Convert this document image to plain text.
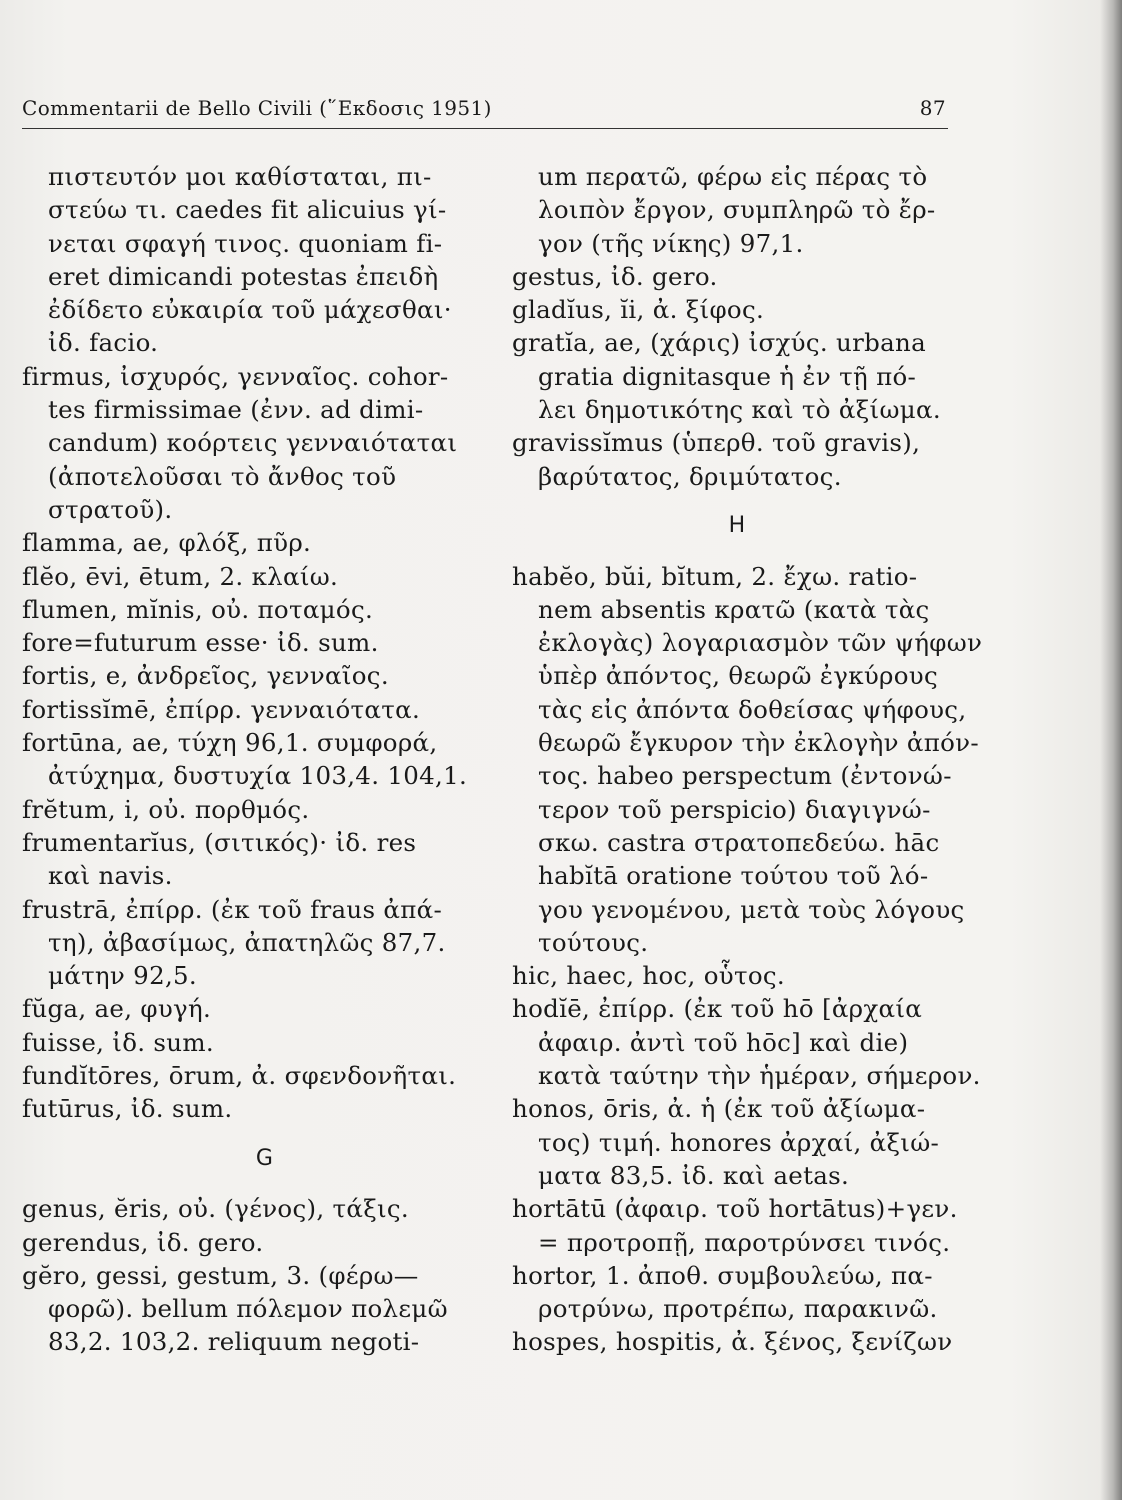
Commentarii de Bello Civili (῞Εκδοσις 1951)	87
πιστευτόν μοι καθίσταται, πι-
στεύω τι. caedes fit alicuius γί-
νεται σφαγή τινος. quoniam fi-
eret dimicandi potestas ἐπειδὴ
ἐδίδετο εὐκαιρία τοῦ μάχεσθαι·
ἰδ. facio.
firmus, ἰσχυρός, γενναῖος. cohor-
tes firmissimae (ἐνν. ad dimi-
candum) κοόρτεις γενναιόταται
(ἀποτελοῦσαι τὸ ἄνθος τοῦ
στρατοῦ).
flamma, ae, φλόξ, πῦρ.
flĕo, ēvi, ētum, 2. κλαίω.
flumen, mĭnis, οὐ. ποταμός.
fore=futurum esse· ἰδ. sum.
fortis, e, ἀνδρεῖος, γενναῖος.
fortissĭmē, ἐπίρρ. γενναιότατα.
fortūna, ae, τύχη 96,1. συμφορά,
ἀτύχημα, δυστυχία 103,4. 104,1.
frĕtum, i, οὐ. πορθμός.
frumentarĭus, (σιτικός)· ἰδ. res
καὶ navis.
frustrā, ἐπίρρ. (ἐκ τοῦ fraus ἀπά-
τη), ἀβασίμως, ἀπατηλῶς 87,7.
μάτην 92,5.
fŭga, ae, φυγή.
fuisse, ἰδ. sum.
fundĭtōres, ōrum, ἀ. σφενδονῆται.
futūrus, ἰδ. sum.
G
genus, ĕris, οὐ. (γένος), τάξις.
gerendus, ἰδ. gero.
gĕro, gessi, gestum, 3. (φέρω—
φορῶ). bellum πόλεμον πολεμῶ
83,2. 103,2. reliquum negoti-
um περατῶ, φέρω εἰς πέρας τὸ
λοιπὸν ἔργον, συμπληρῶ τὸ ἔρ-
γον (τῆς νίκης) 97,1.
gestus, ἰδ. gero.
gladĭus, ĭi, ἀ. ξίφος.
gratĭa, ae, (χάρις) ἰσχύς. urbana
gratia dignitasque ἡ ἐν τῇ πό-
λει δημοτικότης καὶ τὸ ἀξίωμα.
gravissĭmus (ὑπερθ. τοῦ gravis),
βαρύτατος, δριμύτατος.
H
habĕo, bŭi, bĭtum, 2. ἔχω. ratio-
nem absentis κρατῶ (κατὰ τὰς
ἐκλογὰς) λογαριασμὸν τῶν ψήφων
ὑπὲρ ἀπόντος, θεωρῶ ἐγκύρους
τὰς εἰς ἀπόντα δοθείσας ψήφους,
θεωρῶ ἔγκυρον τὴν ἐκλογὴν ἀπόν-
τος. habeo perspectum (ἐντονώ-
τερον τοῦ perspicio) διαγιγνώ-
σκω. castra στρατοπεδεύω. hāc
habĭtā oratione τούτου τοῦ λό-
γου γενομένου, μετὰ τοὺς λόγους
τούτους.
hic, haec, hoc, οὗτος.
hodĭē, ἐπίρρ. (ἐκ τοῦ hō [ἀρχαία
ἀφαιρ. ἀντὶ τοῦ hōc] καὶ die)
κατὰ ταύτην τὴν ἡμέραν, σήμερον.
honos, ōris, ἀ. ἡ (ἐκ τοῦ ἀξίωμα-
τος) τιμή. honores ἀρχαί, ἀξιώ-
ματα 83,5. ἰδ. καὶ aetas.
hortātū (ἀφαιρ. τοῦ hortātus)+γεν.
= προτροπῇ, παροτρύνσει τινός.
hortor, 1. ἀποθ. συμβουλεύω, πα-
ροτρύνω, προτρέπω, παρακινῶ.
hospes, hospitis, ἀ. ξένος, ξενίζων
